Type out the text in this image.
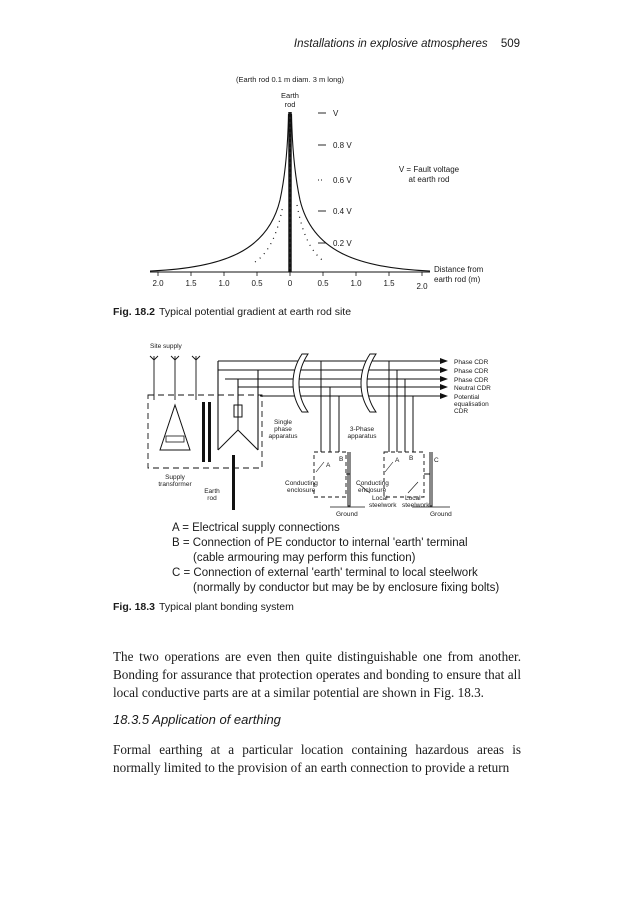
Installations in explosive atmospheres 509
(Earth rod 0.1 m diam. 3 m long)
Earth
rod
2.0	1.5	1.0	0.5	0	0.5	1.0	1.5	2.0
V
0.8 V
0.6 V
0.4 V
0.2 V
V = Fault voltage
at earth rod
Distance from
earth rod (m)
Fig. 18.2 Typical potential gradient at earth rod site
Site supply
Supply
transformer
Earth
rod
Phase CDR
Phase CDR
Phase CDR
Neutral CDR
Potential
equalisation
CDR
Single
phase
apparatus
3-Phase
apparatus
A
B	A B	C
Conducting
enclosure
Conducting
enclosure
Local
steelwork
Local
steelwork
Ground	Ground
A = Electrical supply connections
B = Connection of PE conductor to internal 'earth' terminal
(cable armouring may perform this function)
C = Connection of external 'earth' terminal to local steelwork
(normally by conductor but may be by enclosure fixing bolts)
Fig. 18.3 Typical plant bonding system
The two operations are even then quite distinguishable one from another. Bonding for assurance that protection operates and bonding to ensure that all local conductive parts are at a similar potential are shown in Fig. 18.3.
18.3.5 Application of earthing
Formal earthing at a particular location containing hazardous areas is normally limited to the provision of an earth connection to provide a return
